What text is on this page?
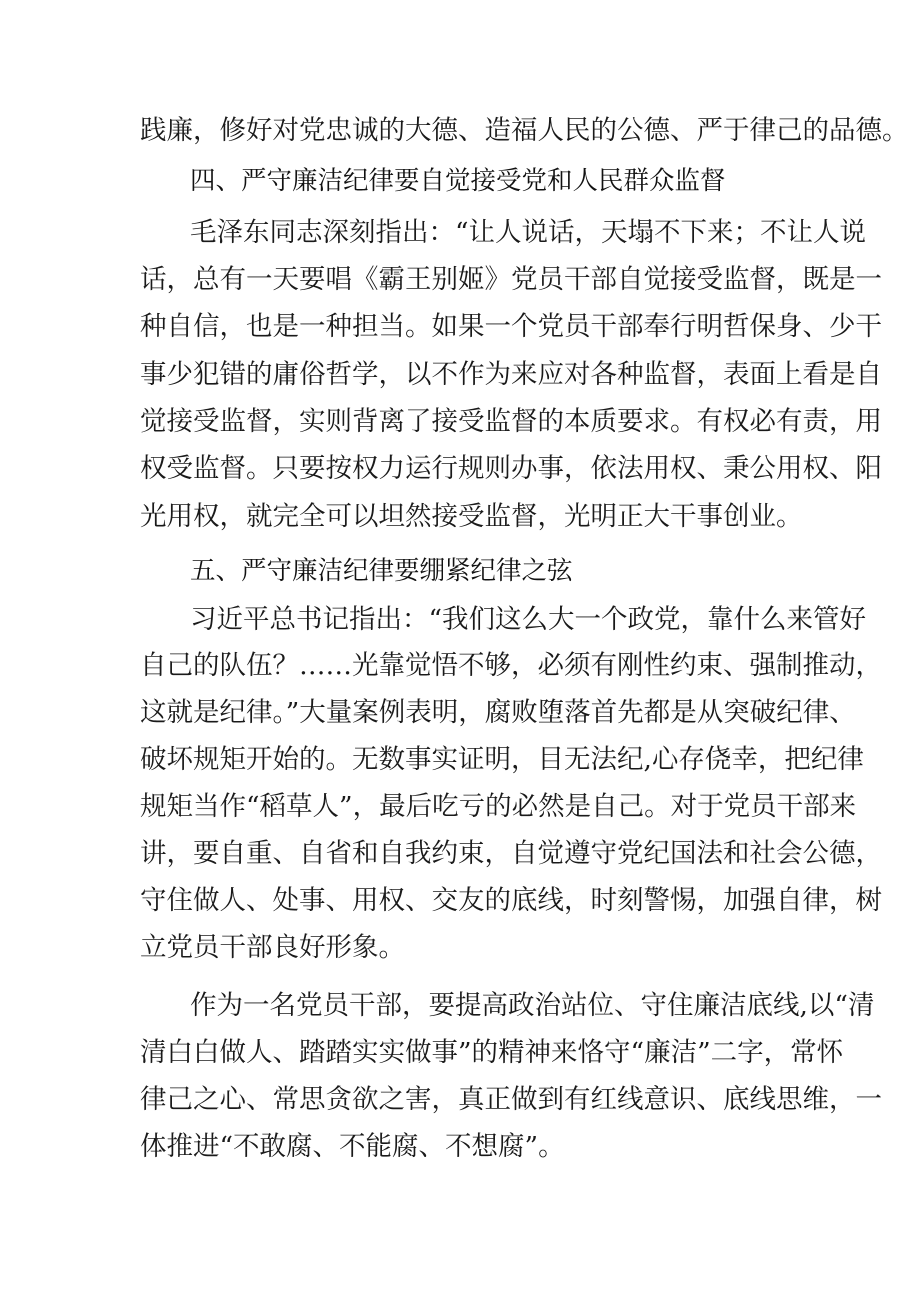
践廉，修好对党忠诚的大德、造福人民的公德、严于律己的品德。
四、严守廉洁纪律要自觉接受党和人民群众监督
毛泽东同志深刻指出：“让人说话，天塌不下来；不让人说
话，总有一天要唱《霸王别姬》党员干部自觉接受监督，既是一
种自信，也是一种担当。如果一个党员干部奉行明哲保身、少干
事少犯错的庸俗哲学，以不作为来应对各种监督，表面上看是自
觉接受监督，实则背离了接受监督的本质要求。有权必有责，用
权受监督。只要按权力运行规则办事，依法用权、秉公用权、阳
光用权，就完全可以坦然接受监督，光明正大干事创业。
五、严守廉洁纪律要绷紧纪律之弦
习近平总书记指出：“我们这么大一个政党，靠什么来管好
自己的队伍？……光靠觉悟不够，必须有刚性约束、强制推动，
这就是纪律。”大量案例表明，腐败堕落首先都是从突破纪律、
破坏规矩开始的。无数事实证明，目无法纪,心存侥幸，把纪律
规矩当作“稻草人”，最后吃亏的必然是自己。对于党员干部来
讲，要自重、自省和自我约束，自觉遵守党纪国法和社会公德，
守住做人、处事、用权、交友的底线，时刻警惕，加强自律，树
立党员干部良好形象。
作为一名党员干部，要提高政治站位、守住廉洁底线,以“清
清白白做人、踏踏实实做事”的精神来恪守“廉洁”二字，常怀
律己之心、常思贪欲之害，真正做到有红线意识、底线思维，一
体推进“不敢腐、不能腐、不想腐”。
